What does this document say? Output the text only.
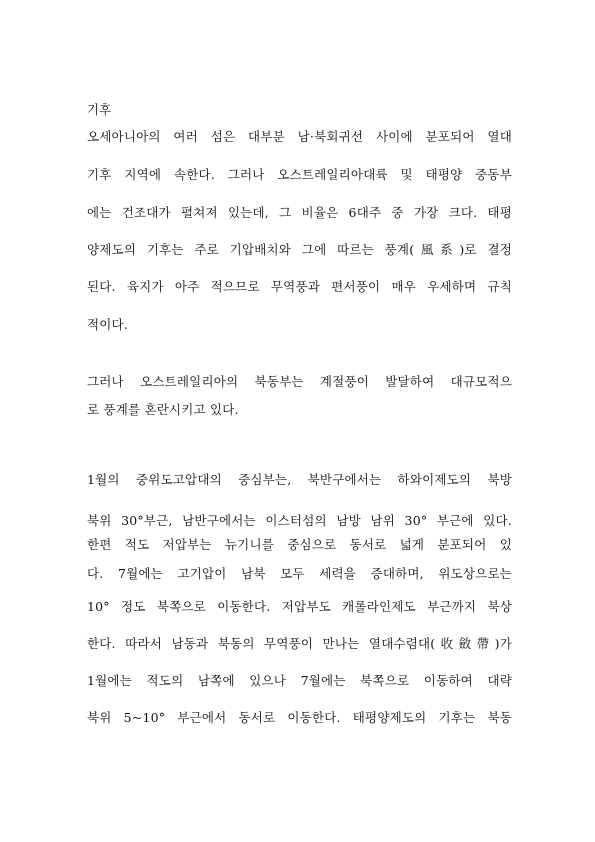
기후
오세아니아의 여러 섬은 대부분 남·북회귀선 사이에 분포되어 열대
기후 지역에 속한다. 그러나 오스트레일리아대륙 및 태평양 중동부
에는 건조대가 펼쳐져 있는데, 그 비율은 6대주 중 가장 크다. 태평
양제도의 기후는 주로 기압배치와 그에 따르는 풍계(風系)로 결정
된다. 육지가 아주 적으므로 무역풍과 편서풍이 매우 우세하며 규칙
적이다.
그러나 오스트레일리아의 북동부는 계절풍이 발달하여 대규모적으
로 풍계를 혼란시키고 있다.
1월의 중위도고압대의 중심부는, 북반구에서는 하와이제도의 북방
북위 30°부근, 남반구에서는 이스터섬의 남방 남위 30° 부근에 있다.
한편 적도 저압부는 뉴기니를 중심으로 동서로 넓게 분포되어 있
다. 7월에는 고기압이 남북 모두 세력을 증대하며, 위도상으로는
10° 정도 북쪽으로 이동한다. 저압부도 캐롤라인제도 부근까지 북상
한다. 따라서 남동과 북동의 무역풍이 만나는 열대수렴대(收斂帶)가
1월에는 적도의 남쪽에 있으나 7월에는 북쪽으로 이동하여 대략
북위 5~10° 부근에서 동서로 이동한다. 태평양제도의 기후는 북동
